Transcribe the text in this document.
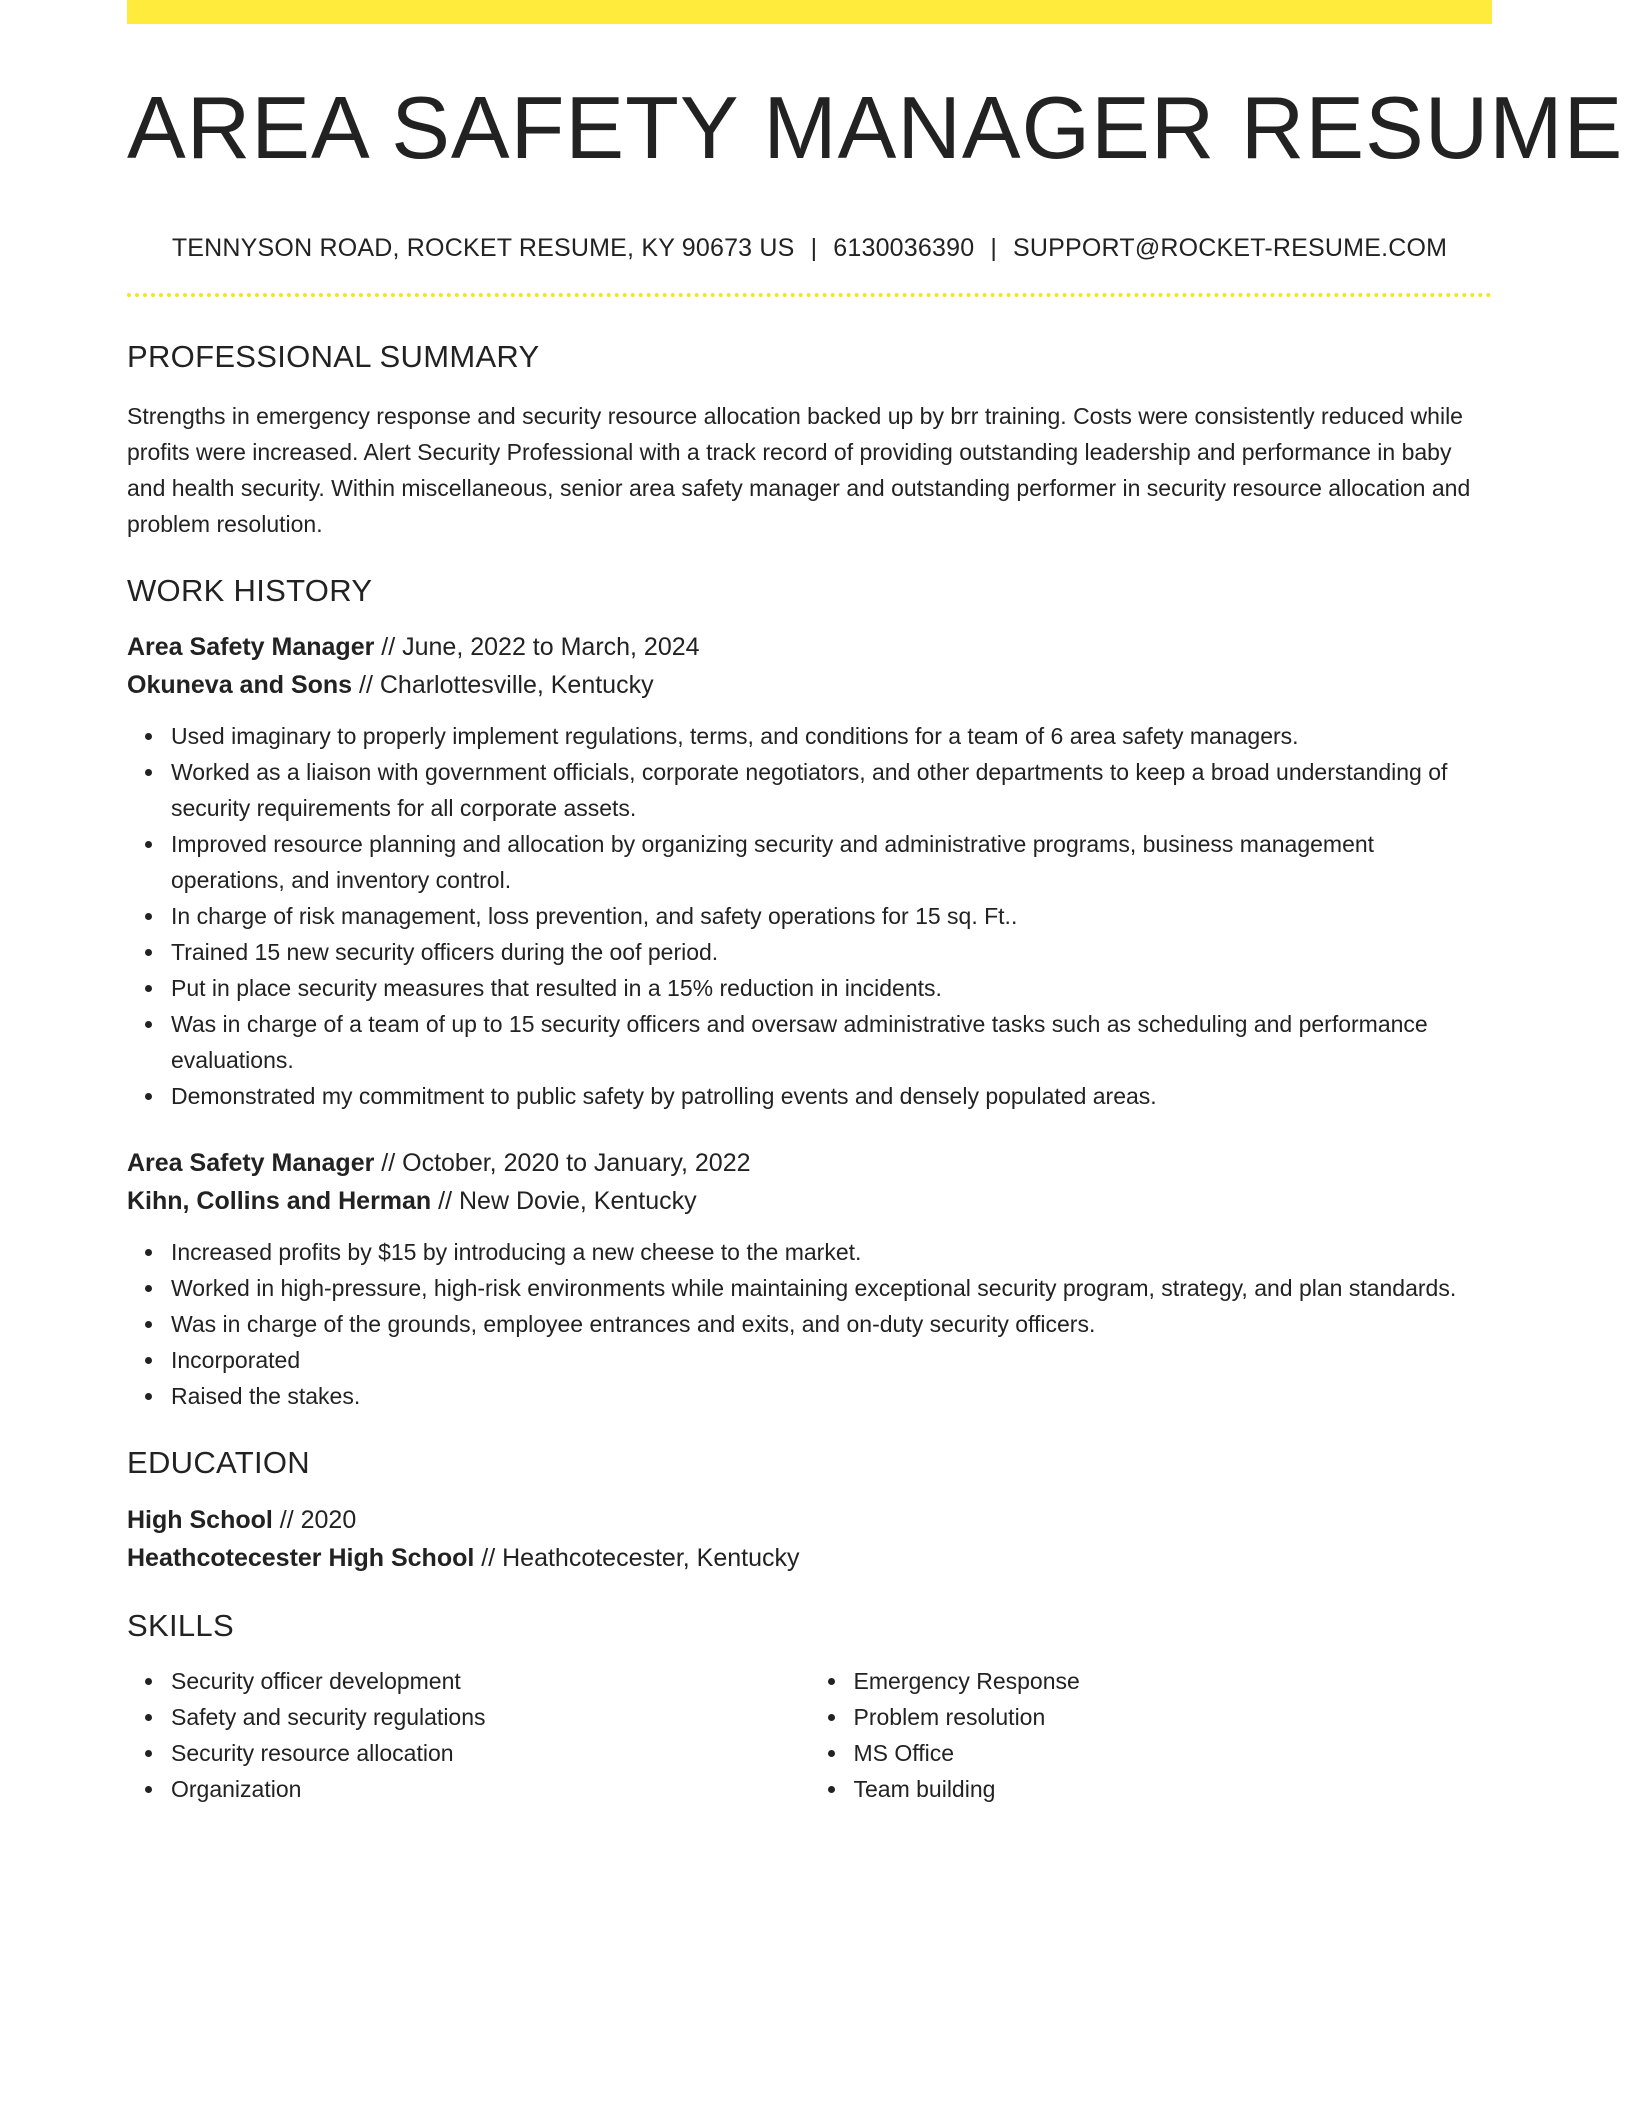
AREA SAFETY MANAGER RESUME
TENNYSON ROAD, ROCKET RESUME, KY 90673 US | 6130036390 | SUPPORT@ROCKET-RESUME.COM
PROFESSIONAL SUMMARY

Strengths in emergency response and security resource allocation backed up by brr training. Costs were consistently reduced while profits were increased. Alert Security Professional with a track record of providing outstanding leadership and performance in baby and health security. Within miscellaneous, senior area safety manager and outstanding performer in security resource allocation and problem resolution.

WORK HISTORY

Area Safety Manager // June, 2022 to March, 2024

Okuneva and Sons // Charlottesville, Kentucky

Used imaginary to properly implement regulations, terms, and conditions for a team of 6 area safety managers.
Worked as a liaison with government officials, corporate negotiators, and other departments to keep a broad understanding of security requirements for all corporate assets.
Improved resource planning and allocation by organizing security and administrative programs, business management operations, and inventory control.
In charge of risk management, loss prevention, and safety operations for 15 sq. Ft..
Trained 15 new security officers during the oof period.
Put in place security measures that resulted in a 15% reduction in incidents.
Was in charge of a team of up to 15 security officers and oversaw administrative tasks such as scheduling and performance evaluations.
Demonstrated my commitment to public safety by patrolling events and densely populated areas.

Area Safety Manager // October, 2020 to January, 2022

Kihn, Collins and Herman // New Dovie, Kentucky

Increased profits by $15 by introducing a new cheese to the market.
Worked in high-pressure, high-risk environments while maintaining exceptional security program, strategy, and plan standards.
Was in charge of the grounds, employee entrances and exits, and on-duty security officers.
Incorporated
Raised the stakes.
EDUCATION

High School // 2020

Heathcotecester High School // Heathcotecester, Kentucky

SKILLS
Security officer development
Safety and security regulations
Security resource allocation
Organization
Emergency Response
Problem resolution
MS Office
Team building
